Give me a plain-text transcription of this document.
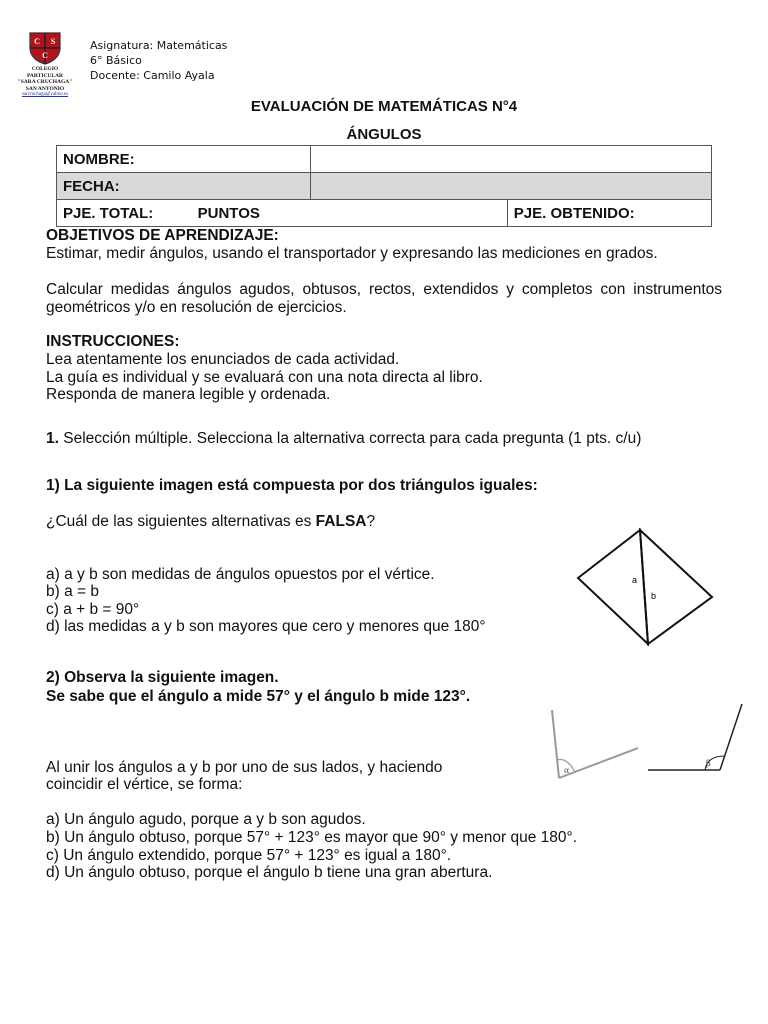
C S
C
COLEGIO PARTICULAR
"SARA CRUCHAGA"
SAN ANTONIO
sarcruchaga@yahoo.es
Asignatura: Matemáticas
6° Básico
Docente: Camilo Ayala
EVALUACIÓN DE MATEMÁTICAS N°4
ÁNGULOS
NOMBRE:		
FECHA:		
PJE. TOTAL: PUNTOS		PJE. OBTENIDO:
OBJETIVOS DE APRENDIZAJE:
Estimar, medir ángulos, usando el transportador y expresando las mediciones en grados.
Calcular medidas ángulos agudos, obtusos, rectos, extendidos y completos con instrumentos geométricos y/o en resolución de ejercicios.
INSTRUCCIONES:
Lea atentamente los enunciados de cada actividad.
La guía es individual y se evaluará con una nota directa al libro.
Responda de manera legible y ordenada.
1. Selección múltiple. Selecciona la alternativa correcta para cada pregunta (1 pts. c/u)
1) La siguiente imagen está compuesta por dos triángulos iguales:
¿Cuál de las siguientes alternativas es FALSA?
a) a y b son medidas de ángulos opuestos por el vértice.
b) a = b
c) a + b = 90°
d) las medidas a y b son mayores que cero y menores que 180°
a
b
2) Observa la siguiente imagen.
Se sabe que el ángulo a mide 57° y el ángulo b mide 123°.
Al unir los ángulos a y b por uno de sus lados, y haciendo
coincidir el vértice, se forma:
a) Un ángulo agudo, porque a y b son agudos.
b) Un ángulo obtuso, porque 57° + 123° es mayor que 90° y menor que 180°.
c) Un ángulo extendido, porque 57° + 123° es igual a 180°.
d) Un ángulo obtuso, porque el ángulo b tiene una gran abertura.
α
β
